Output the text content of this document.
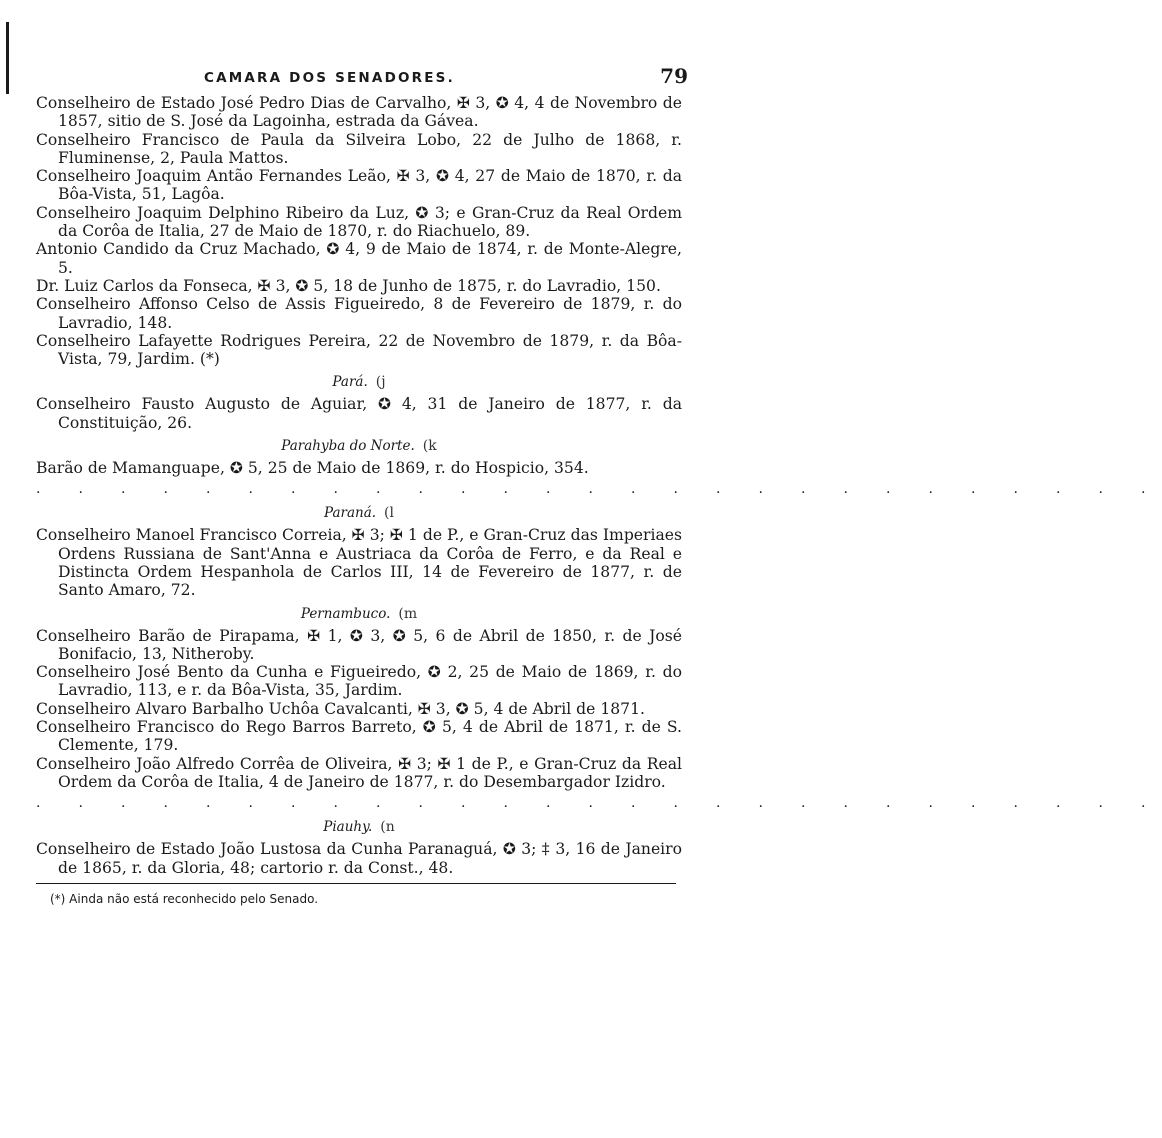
CAMARA DOS SENADORES.	79

Conselheiro de Estado José Pedro Dias de Carvalho, ✠ 3, ✪ 4, 4 de Novembro de 1857, sitio de S. José da Lagoinha, estrada da Gávea.

Conselheiro Francisco de Paula da Silveira Lobo, 22 de Julho de 1868, r. Fluminense, 2, Paula Mattos.

Conselheiro Joaquim Antão Fernandes Leão, ✠ 3, ✪ 4, 27 de Maio de 1870, r. da Bôa-Vista, 51, Lagôa.

Conselheiro Joaquim Delphino Ribeiro da Luz, ✪ 3; e Gran-Cruz da Real Ordem da Corôa de Italia, 27 de Maio de 1870, r. do Riachuelo, 89.

Antonio Candido da Cruz Machado, ✪ 4, 9 de Maio de 1874, r. de Monte-Alegre, 5.

Dr. Luiz Carlos da Fonseca, ✠ 3, ✪ 5, 18 de Junho de 1875, r. do Lavradio, 150.

Conselheiro Affonso Celso de Assis Figueiredo, 8 de Fevereiro de 1879, r. do Lavradio, 148.

Conselheiro Lafayette Rodrigues Pereira, 22 de Novembro de 1879, r. da Bôa-Vista, 79, Jardim. (*)

Pará. (j

Conselheiro Fausto Augusto de Aguiar, ✪ 4, 31 de Janeiro de 1877, r. da Constituição, 26.

Parahyba do Norte. (k

Barão de Mamanguape, ✪ 5, 25 de Maio de 1869, r. do Hospicio, 354.

. . . . . . . . . . . . . . . . . . . . . . . . . . .
Paraná. (l

Conselheiro Manoel Francisco Correia, ✠ 3; ✠ 1 de P., e Gran-Cruz das Imperiaes Ordens Russiana de Sant'Anna e Austriaca da Corôa de Ferro, e da Real e Distincta Ordem Hespanhola de Carlos III, 14 de Fevereiro de 1877, r. de Santo Amaro, 72.

Pernambuco. (m

Conselheiro Barão de Pirapama, ✠ 1, ✪ 3, ✪ 5, 6 de Abril de 1850, r. de José Bonifacio, 13, Nitheroby.

Conselheiro José Bento da Cunha e Figueiredo, ✪ 2, 25 de Maio de 1869, r. do Lavradio, 113, e r. da Bôa-Vista, 35, Jardim.

Conselheiro Alvaro Barbalho Uchôa Cavalcanti, ✠ 3, ✪ 5, 4 de Abril de 1871.

Conselheiro Francisco do Rego Barros Barreto, ✪ 5, 4 de Abril de 1871, r. de S. Clemente, 179.

Conselheiro João Alfredo Corrêa de Oliveira, ✠ 3; ✠ 1 de P., e Gran-Cruz da Real Ordem da Corôa de Italia, 4 de Janeiro de 1877, r. do Desembargador Izidro.

. . . . . . . . . . . . . . . . . . . . . . . . . . .
Piauhy. (n

Conselheiro de Estado João Lustosa da Cunha Paranaguá, ✪ 3; ‡ 3, 16 de Janeiro de 1865, r. da Gloria, 48; cartorio r. da Const., 48.

(*) Ainda não está reconhecido pelo Senado.
